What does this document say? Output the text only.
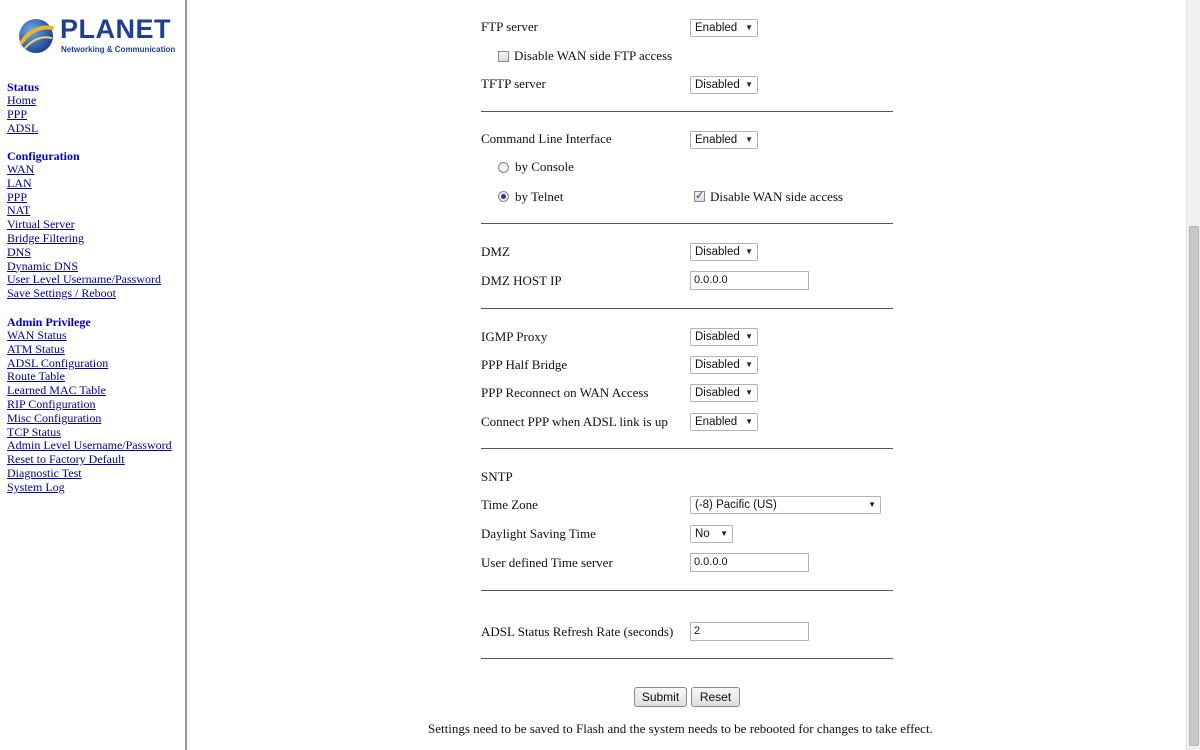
PLANET
Networking & Communication
Status
Home
PPP
ADSL
Configuration
WAN
LAN
PPP
NAT
Virtual Server
Bridge Filtering
DNS
Dynamic DNS
User Level Username/Password
Save Settings / Reboot
Admin Privilege
WAN Status
ATM Status
ADSL Configuration
Route Table
Learned MAC Table
RIP Configuration
Misc Configuration
TCP Status
Admin Level Username/Password
Reset to Factory Default
Diagnostic Test
System Log
FTP server	Enabled ▼
Disable WAN side FTP access
TFTP server	Disabled ▼
Command Line Interface	Enabled ▼
by Console
by Telnet
✓	Disable WAN side access
DMZ	Disabled ▼
DMZ HOST IP	0.0.0.0
IGMP Proxy	Disabled ▼
PPP Half Bridge	Disabled ▼
PPP Reconnect on WAN Access	Disabled ▼
Connect PPP when ADSL link is up	Enabled ▼
SNTP
Time Zone	(-8) Pacific (US)	▼
Daylight Saving Time	No ▼
User defined Time server	0.0.0.0
ADSL Status Refresh Rate (seconds)	2
Submit	Reset
Settings need to be saved to Flash and the system needs to be rebooted for changes to take effect.
